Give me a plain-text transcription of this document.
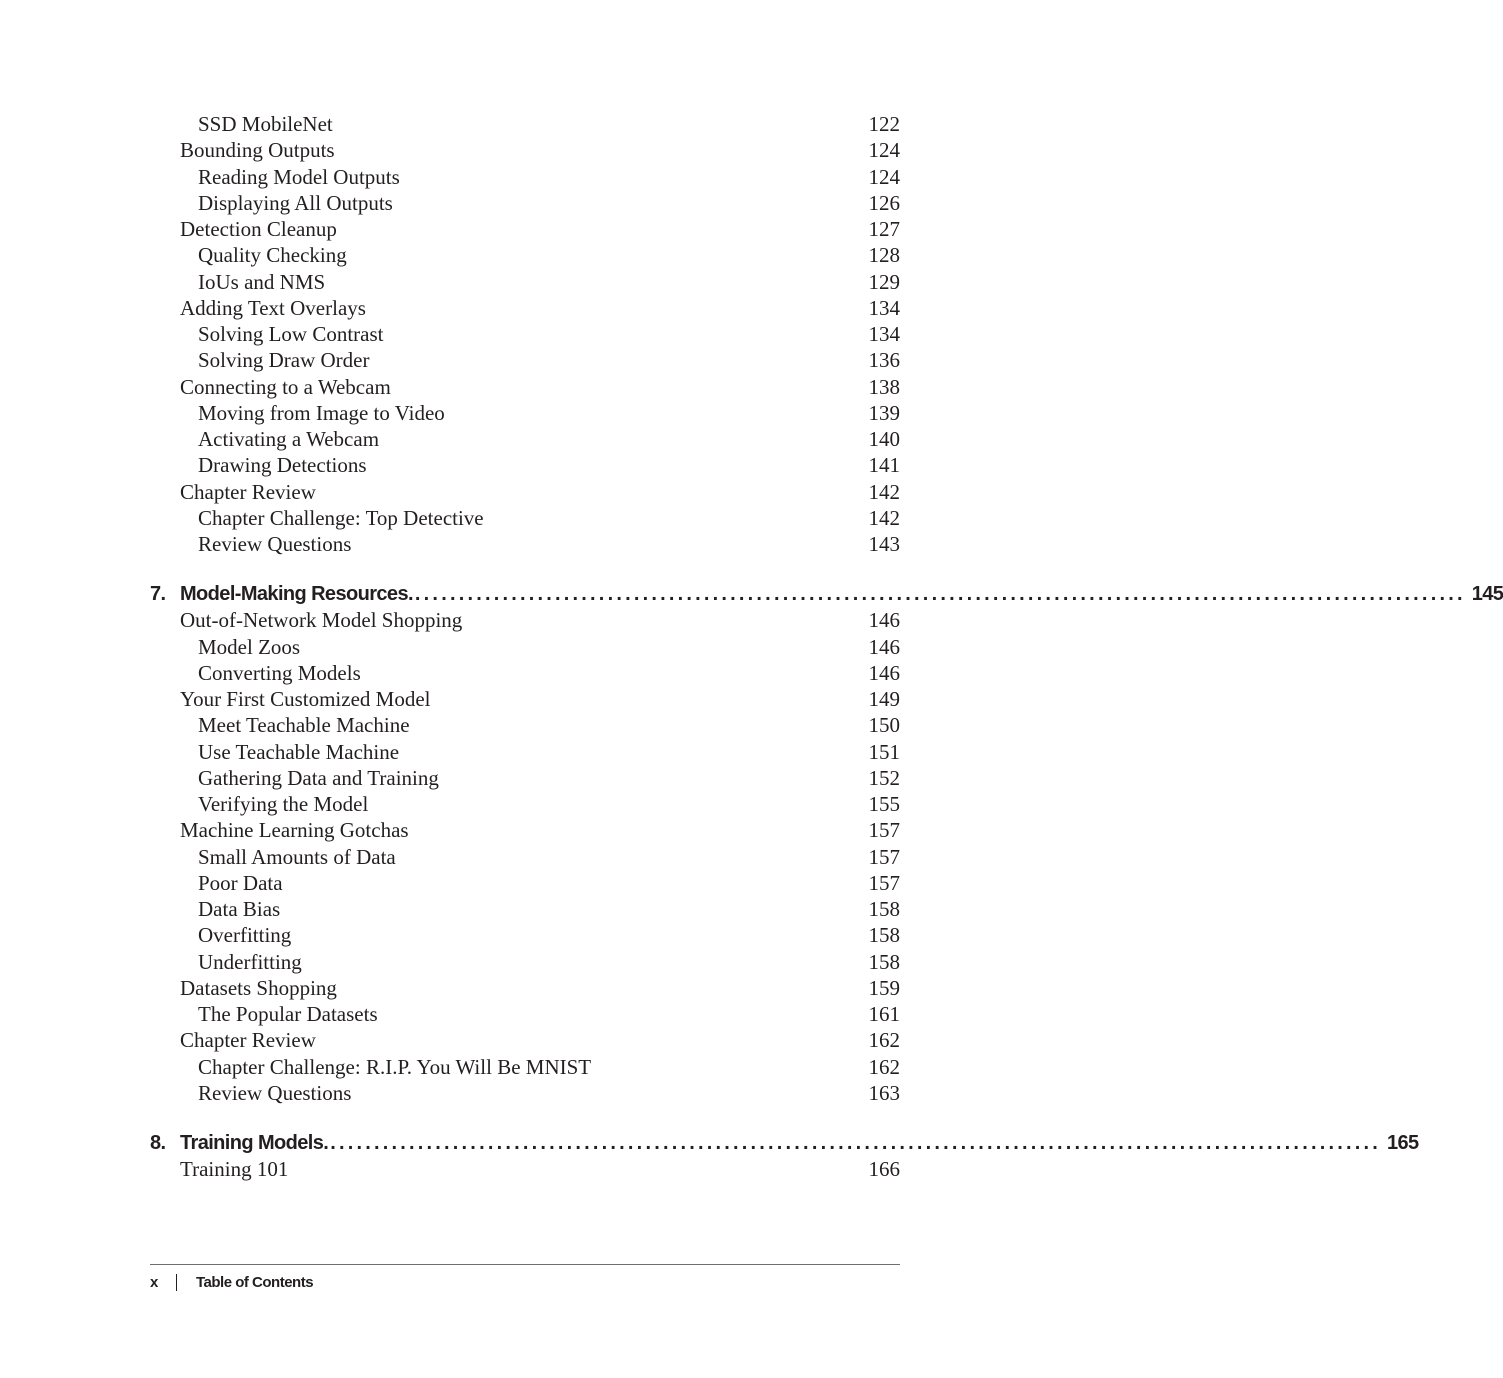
SSD MobileNet	122
Bounding Outputs	124
Reading Model Outputs	124
Displaying All Outputs	126
Detection Cleanup	127
Quality Checking	128
IoUs and NMS	129
Adding Text Overlays	134
Solving Low Contrast	134
Solving Draw Order	136
Connecting to a Webcam	138
Moving from Image to Video	139
Activating a Webcam	140
Drawing Detections	141
Chapter Review	142
Chapter Challenge: Top Detective	142
Review Questions	143
7. Model-Making Resources. ........................................................................................................................ 145
Out-of-Network Model Shopping	146
Model Zoos	146
Converting Models	146
Your First Customized Model	149
Meet Teachable Machine	150
Use Teachable Machine	151
Gathering Data and Training	152
Verifying the Model	155
Machine Learning Gotchas	157
Small Amounts of Data	157
Poor Data	157
Data Bias	158
Overfitting	158
Underfitting	158
Datasets Shopping	159
The Popular Datasets	161
Chapter Review	162
Chapter Challenge: R.I.P. You Will Be MNIST	162
Review Questions	163
8. Training Models. ........................................................................................................................ 165
Training 101	166
x	Table of Contents
